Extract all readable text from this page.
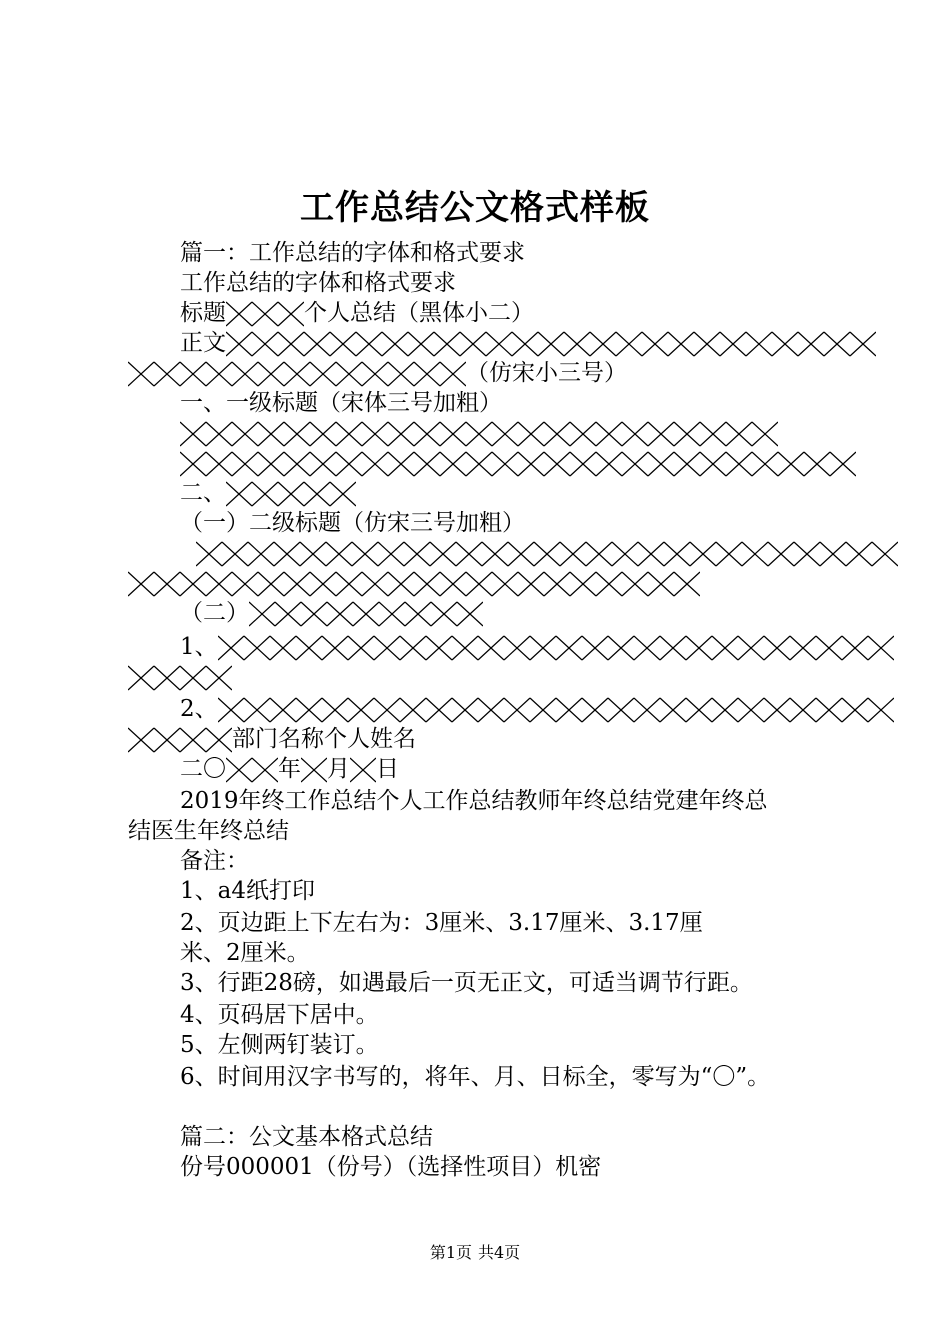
工作总结公文格式样板
篇一：工作总结的字体和格式要求
工作总结的字体和格式要求
标题	个人总结（黑体小二）
正文
（仿宋小三号）
一、一级标题（宋体三号加粗）
二、
（一）二级标题（仿宋三号加粗）
（二）
1、
2、
部门名称个人姓名
二〇 年 月 日
2019年终工作总结个人工作总结教师年终总结党建年终总
结医生年终总结
备注：
1、a4纸打印
2、页边距上下左右为：3厘米、3.17厘米、3.17厘
米、2厘米。
3、行距28磅，如遇最后一页无正文，可适当调节行距。
4、页码居下居中。
5、左侧两钉装订。
6、时间用汉字书写的，将年、月、日标全，零写为“〇”。
篇二：公文基本格式总结
份号000001（份号）（选择性项目）机密
第1页 共4页
